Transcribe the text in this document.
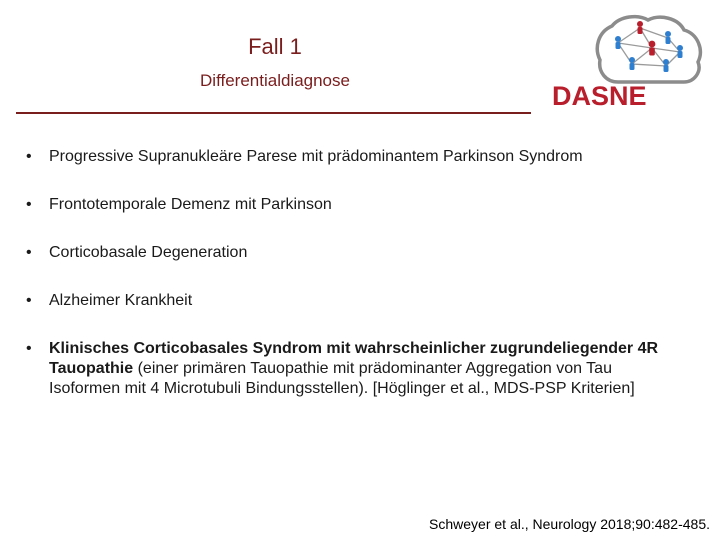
Fall 1
Differentialdiagnose
DASNE
• Progressive Supranukleäre Parese mit prädominantem Parkinson Syndrom
• Frontotemporale Demenz mit Parkinson
• Corticobasale Degeneration
• Alzheimer Krankheit
• Klinisches Corticobasales Syndrom mit wahrscheinlicher zugrundeliegender 4R Tauopathie (einer primären Tauopathie mit prädominanter Aggregation von Tau Isoformen mit 4 Microtubuli Bindungsstellen). [Höglinger et al., MDS-PSP Kriterien]
Schweyer et al., Neurology 2018;90:482-485.
